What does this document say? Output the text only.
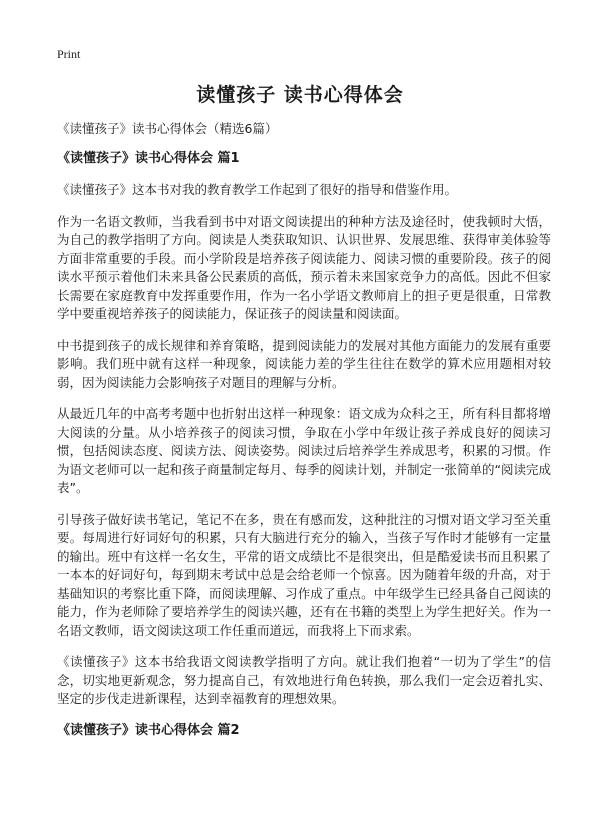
Print
读懂孩子 读书心得体会
《读懂孩子》读书心得体会（精选6篇）
《读懂孩子》读书心得体会 篇1

《读懂孩子》这本书对我的教育教学工作起到了很好的指导和借鉴作用。

作为一名语文教师，当我看到书中对语文阅读提出的种种方法及途径时，使我顿时大悟，为自己的教学指明了方向。阅读是人类获取知识、认识世界、发展思维、获得审美体验等方面非常重要的手段。而小学阶段是培养孩子阅读能力、阅读习惯的重要阶段。孩子的阅读水平预示着他们未来具备公民素质的高低，预示着未来国家竞争力的高低。因此不但家长需要在家庭教育中发挥重要作用，作为一名小学语文教师肩上的担子更是很重，日常教学中要重视培养孩子的阅读能力，保证孩子的阅读量和阅读面。

中书提到孩子的成长规律和养育策略，提到阅读能力的发展对其他方面能力的发展有重要影响。我们班中就有这样一种现象，阅读能力差的学生往往在数学的算术应用题相对较弱，因为阅读能力会影响孩子对题目的理解与分析。

从最近几年的中高考考题中也折射出这样一种现象：语文成为众科之王，所有科目都将增大阅读的分量。从小培养孩子的阅读习惯，争取在小学中年级让孩子养成良好的阅读习惯，包括阅读态度、阅读方法、阅读姿势。阅读过后培养学生养成思考，积累的习惯。作为语文老师可以一起和孩子商量制定每月、每季的阅读计划，并制定一张简单的“阅读完成表”。

引导孩子做好读书笔记，笔记不在多，贵在有感而发，这种批注的习惯对语文学习至关重要。每周进行好词好句的积累，只有大脑进行充分的输入，当孩子写作时才能够有一定量的输出。班中有这样一名女生，平常的语文成绩比不是很突出，但是酷爱读书而且积累了一本本的好词好句，每到期末考试中总是会给老师一个惊喜。因为随着年级的升高，对于基础知识的考察比重下降，而阅读理解、习作成了重点。中年级学生已经具备自己阅读的能力，作为老师除了要培养学生的阅读兴趣，还有在书籍的类型上为学生把好关。作为一名语文教师，语文阅读这项工作任重而道远，而我将上下而求索。

《读懂孩子》这本书给我语文阅读教学指明了方向。就让我们抱着“一切为了学生”的信念，切实地更新观念，努力提高自己，有效地进行角色转换，那么我们一定会迈着扎实、坚定的步伐走进新课程，达到幸福教育的理想效果。

《读懂孩子》读书心得体会 篇2
